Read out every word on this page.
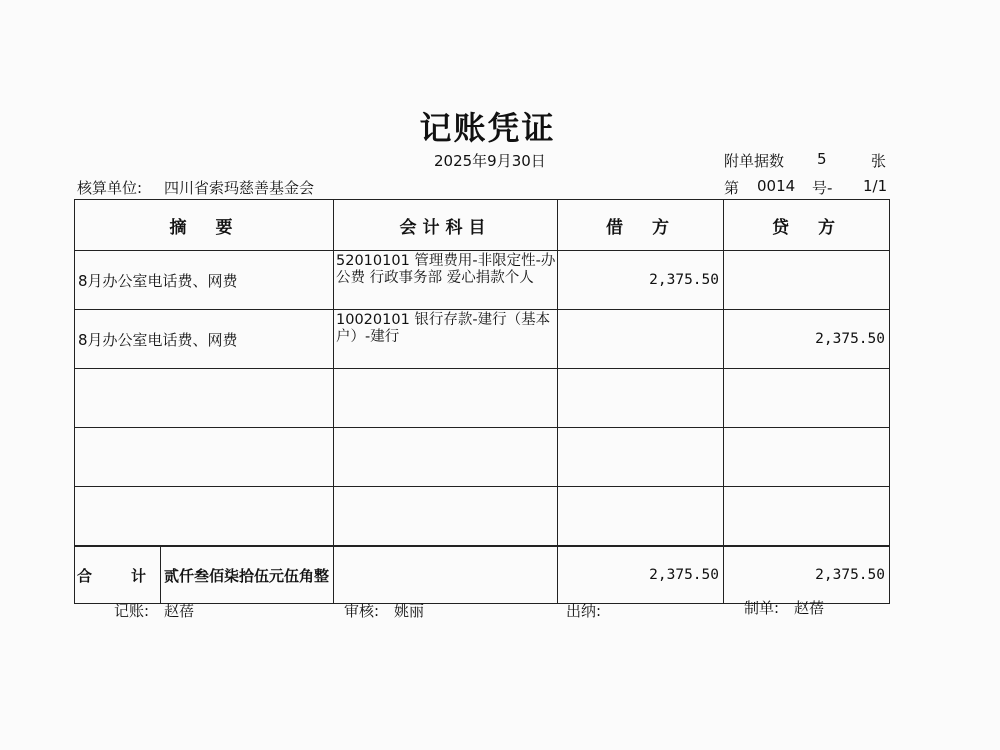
记账凭证
2025年9月30日	附单据数 5	张
核算单位: 四川省索玛慈善基金会	第 0014 号- 1/1
摘　要	会计科目	借　方	贷　方
8月办公室电话费、网费	52010101 管理费用-非限定性-办公费 行政事务部 爱心捐款个人	2,375.50	
8月办公室电话费、网费	10020101 银行存款-建行（基本户）-建行		2,375.50

合　计 贰仟叁佰柒拾伍元伍角整		2,375.50	2,375.50
记账:　赵蓓	审核:　姚丽	出纳:	制单:　赵蓓
